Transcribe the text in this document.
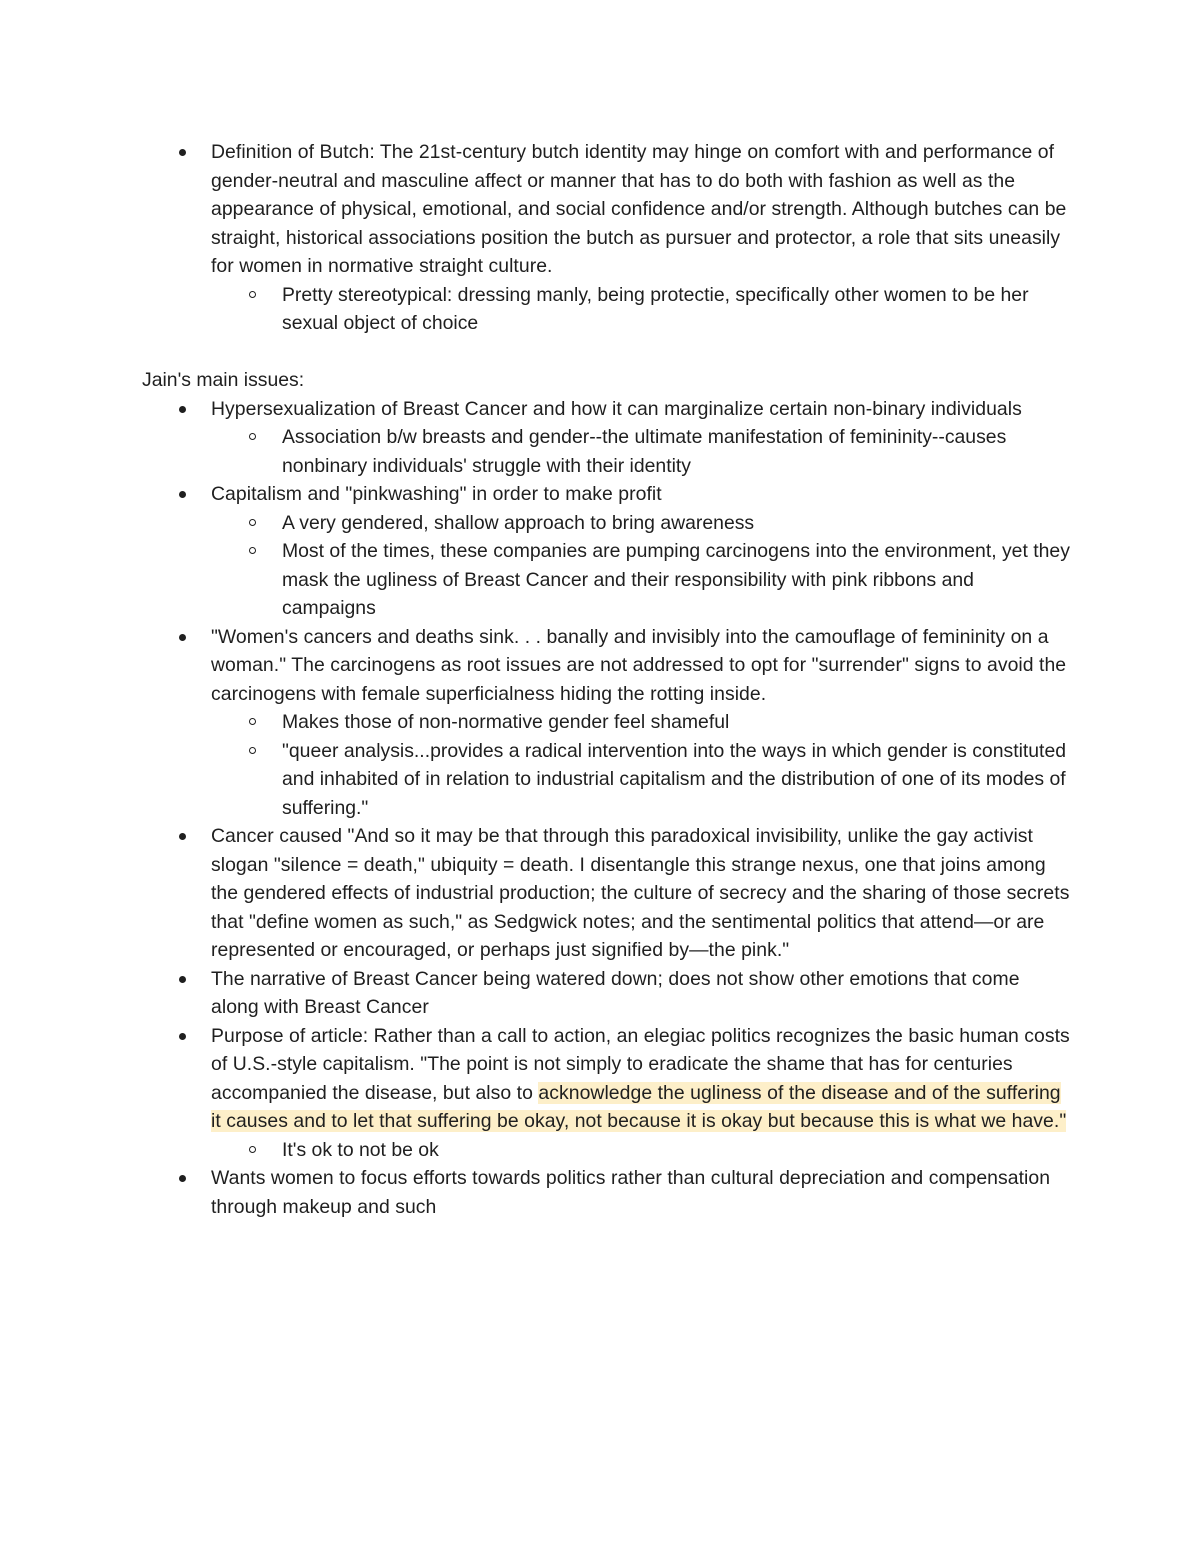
Definition of Butch: The 21st-century butch identity may hinge on comfort with and performance of gender-neutral and masculine affect or manner that has to do both with fashion as well as the appearance of physical, emotional, and social confidence and/or strength. Although butches can be straight, historical associations position the butch as pursuer and protector, a role that sits uneasily for women in normative straight culture.
Pretty stereotypical: dressing manly, being protectie, specifically other women to be her sexual object of choice

Jain's main issues:

Hypersexualization of Breast Cancer and how it can marginalize certain non-binary individuals
Association b/w breasts and gender--the ultimate manifestation of femininity--causes nonbinary individuals' struggle with their identity
Capitalism and "pinkwashing" in order to make profit
A very gendered, shallow approach to bring awareness
Most of the times, these companies are pumping carcinogens into the environment, yet they mask the ugliness of Breast Cancer and their responsibility with pink ribbons and campaigns
"Women's cancers and deaths sink. . . banally and invisibly into the camouflage of femininity on a woman." The carcinogens as root issues are not addressed to opt for "surrender" signs to avoid the carcinogens with female superficialness hiding the rotting inside.
Makes those of non-normative gender feel shameful
"queer analysis...provides a radical intervention into the ways in which gender is constituted and inhabited of in relation to industrial capitalism and the distribution of one of its modes of suffering."
Cancer caused "And so it may be that through this paradoxical invisibility, unlike the gay activist slogan "silence = death," ubiquity = death. I disentangle this strange nexus, one that joins among the gendered effects of industrial production; the culture of secrecy and the sharing of those secrets that "define women as such," as Sedgwick notes; and the sentimental politics that attend—or are represented or encouraged, or perhaps just signified by—the pink."
The narrative of Breast Cancer being watered down; does not show other emotions that come along with Breast Cancer
Purpose of article: Rather than a call to action, an elegiac politics recognizes the basic human costs of U.S.-style capitalism. "The point is not simply to eradicate the shame that has for centuries accompanied the disease, but also to acknowledge the ugliness of the disease and of the suffering it causes and to let that suffering be okay, not because it is okay but because this is what we have."
It's ok to not be ok
Wants women to focus efforts towards politics rather than cultural depreciation and compensation through makeup and such
